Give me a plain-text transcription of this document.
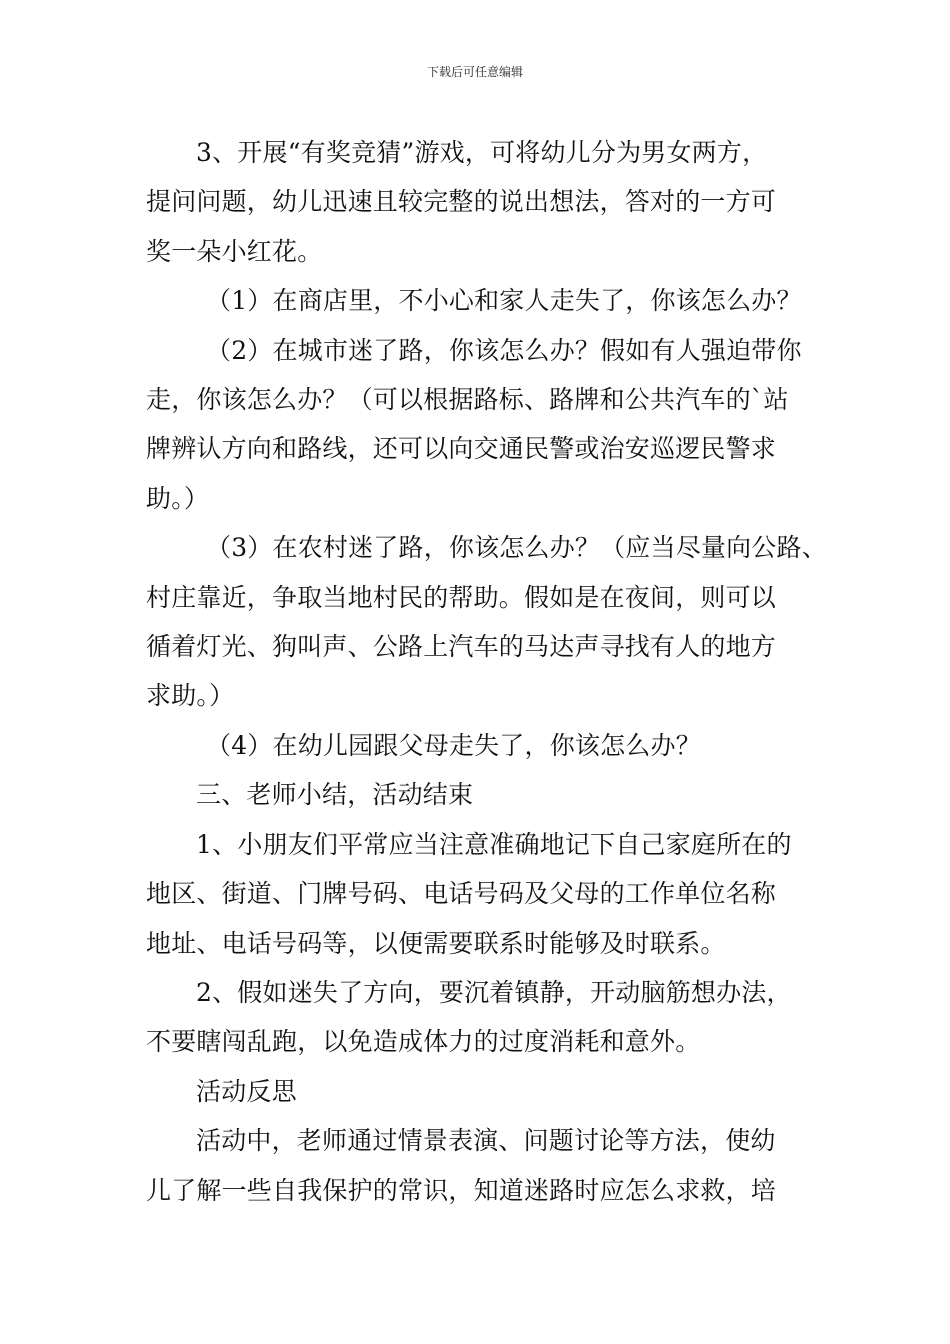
下载后可任意编辑

3、开展“有奖竞猜”游戏，可将幼儿分为男女两方，

提问问题，幼儿迅速且较完整的说出想法，答对的一方可

奖一朵小红花。

（1）在商店里，不小心和家人走失了，你该怎么办？

（2）在城市迷了路，你该怎么办？假如有人强迫带你

走，你该怎么办？（可以根据路标、路牌和公共汽车的`站

牌辨认方向和路线，还可以向交通民警或治安巡逻民警求

助。）

（3）在农村迷了路，你该怎么办？（应当尽量向公路、

村庄靠近，争取当地村民的帮助。假如是在夜间，则可以

循着灯光、狗叫声、公路上汽车的马达声寻找有人的地方

求助。）

（4）在幼儿园跟父母走失了，你该怎么办？

三、老师小结，活动结束

1、小朋友们平常应当注意准确地记下自己家庭所在的

地区、街道、门牌号码、电话号码及父母的工作单位名称

地址、电话号码等，以便需要联系时能够及时联系。

2、假如迷失了方向，要沉着镇静，开动脑筋想办法，

不要瞎闯乱跑，以免造成体力的过度消耗和意外。

活动反思

活动中，老师通过情景表演、问题讨论等方法，使幼

儿了解一些自我保护的常识，知道迷路时应怎么求救，培
